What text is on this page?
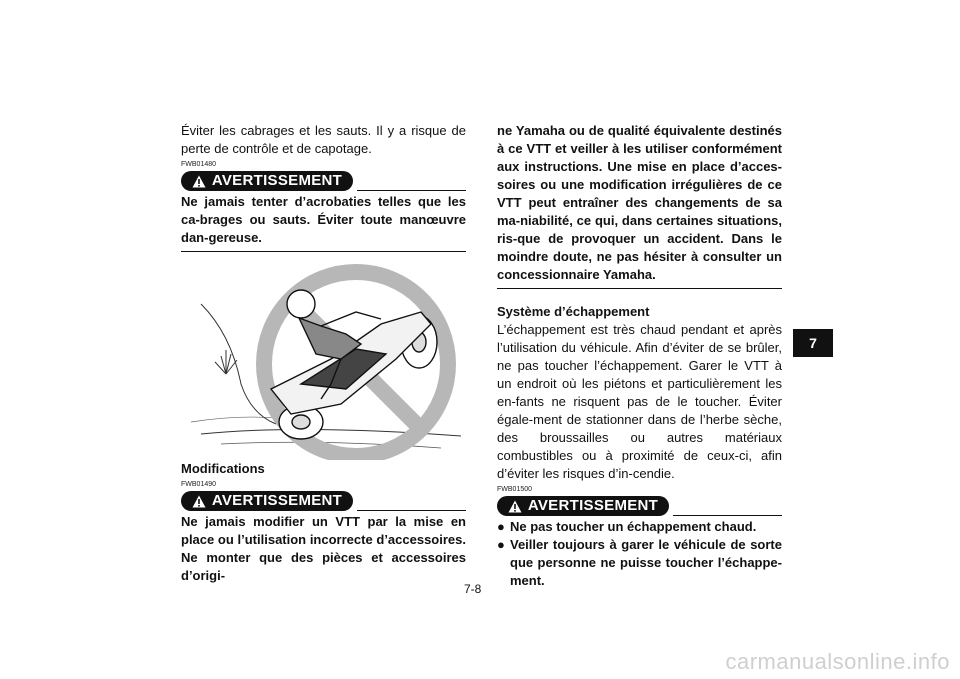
Éviter les cabrages et les sauts. Il y a risque de perte de contrôle et de capotage.

FWB01480
AVERTISSEMENT

Ne jamais tenter d’acrobaties telles que les ca-brages ou sauts. Éviter toute manœuvre dan-gereuse.

Modifications

FWB01490
AVERTISSEMENT

Ne jamais modifier un VTT par la mise en place ou l’utilisation incorrecte d’accessoires. Ne monter que des pièces et accessoires d’origi-

ne Yamaha ou de qualité équivalente destinés à ce VTT et veiller à les utiliser conformément aux instructions. Une mise en place d’acces-soires ou une modification irrégulières de ce VTT peut entraîner des changements de sa ma-niabilité, ce qui, dans certaines situations, ris-que de provoquer un accident. Dans le moindre doute, ne pas hésiter à consulter un concessionnaire Yamaha.

Système d’échappement

L’échappement est très chaud pendant et après l’utilisation du véhicule. Afin d’éviter de se brûler, ne pas toucher l’échappement. Garer le VTT à un endroit où les piétons et particulièrement les en-fants ne risquent pas de le toucher. Éviter égale-ment de stationner dans de l’herbe sèche, des broussailles ou autres matériaux combustibles ou à proximité de ceux-ci, afin d’éviter les risques d’in-cendie.

FWB01500
AVERTISSEMENT
● Ne pas toucher un échappement chaud.
● Veiller toujours à garer le véhicule de sorte que personne ne puisse toucher l’échappe-ment.
7-8
7
carmanualsonline.info
